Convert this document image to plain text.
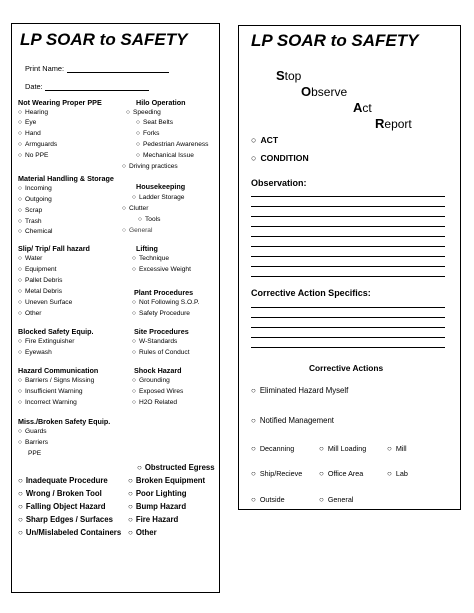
LP SOAR to SAFETY
Print Name:
Date:
Not Wearing Proper PPE
○ Hearing
○ Eye
○ Hand
○ Armguards
○ No PPE
Material Handling & Storage
○ Incoming
○ Outgoing
○ Scrap
○ Trash
○ Chemical
Slip/ Trip/ Fall hazard
○ Water
○ Equipment
○ Pallet Debris
○ Metal Debris
○ Uneven Surface
○ Other
Blocked Safety Equip.
○ Fire Extinguisher
○ Eyewash
Hazard Communication
○ Barriers / Signs Missing
○ Insufficient Warning
○ Incorrect Warning
Miss./Broken Safety Equip.
○ Guards
○ Barriers
PPE
Hilo Operation
○ Speeding
○ Seat Belts
○ Forks
○ Pedestrian Awareness
○ Mechanical Issue
○ Driving practices
Housekeeping
○ Ladder Storage
○ Clutter
○ Tools
○ General
Lifting
○ Technique
○ Excessive Weight
Plant Procedures
○ Not Following S.O.P.
○ Safety Procedure
Site Procedures
○ W-Standards
○ Rules of Conduct
Shock Hazard
○ Grounding
○ Exposed Wires
○ H2O Related
○ Inadequate Procedure
○ Wrong / Broken Tool
○ Falling Object Hazard
○ Sharp Edges / Surfaces
○ Un/Mislabeled Containers
○ Obstructed Egress
○ Broken Equipment
○ Poor Lighting
○ Bump Hazard
○ Fire Hazard
○ Other
LP SOAR to SAFETY
Stop
Observe
Act
Report
○ ACT
○ CONDITION
Observation:
Corrective Action Specifics:
Corrective Actions
○ Eliminated Hazard Myself
○ Notified Management
○ Decanning	○ Mill Loading	○ Mill
○ Ship/Recieve	○ Office Area	○ Lab
○ Outside	○ General
